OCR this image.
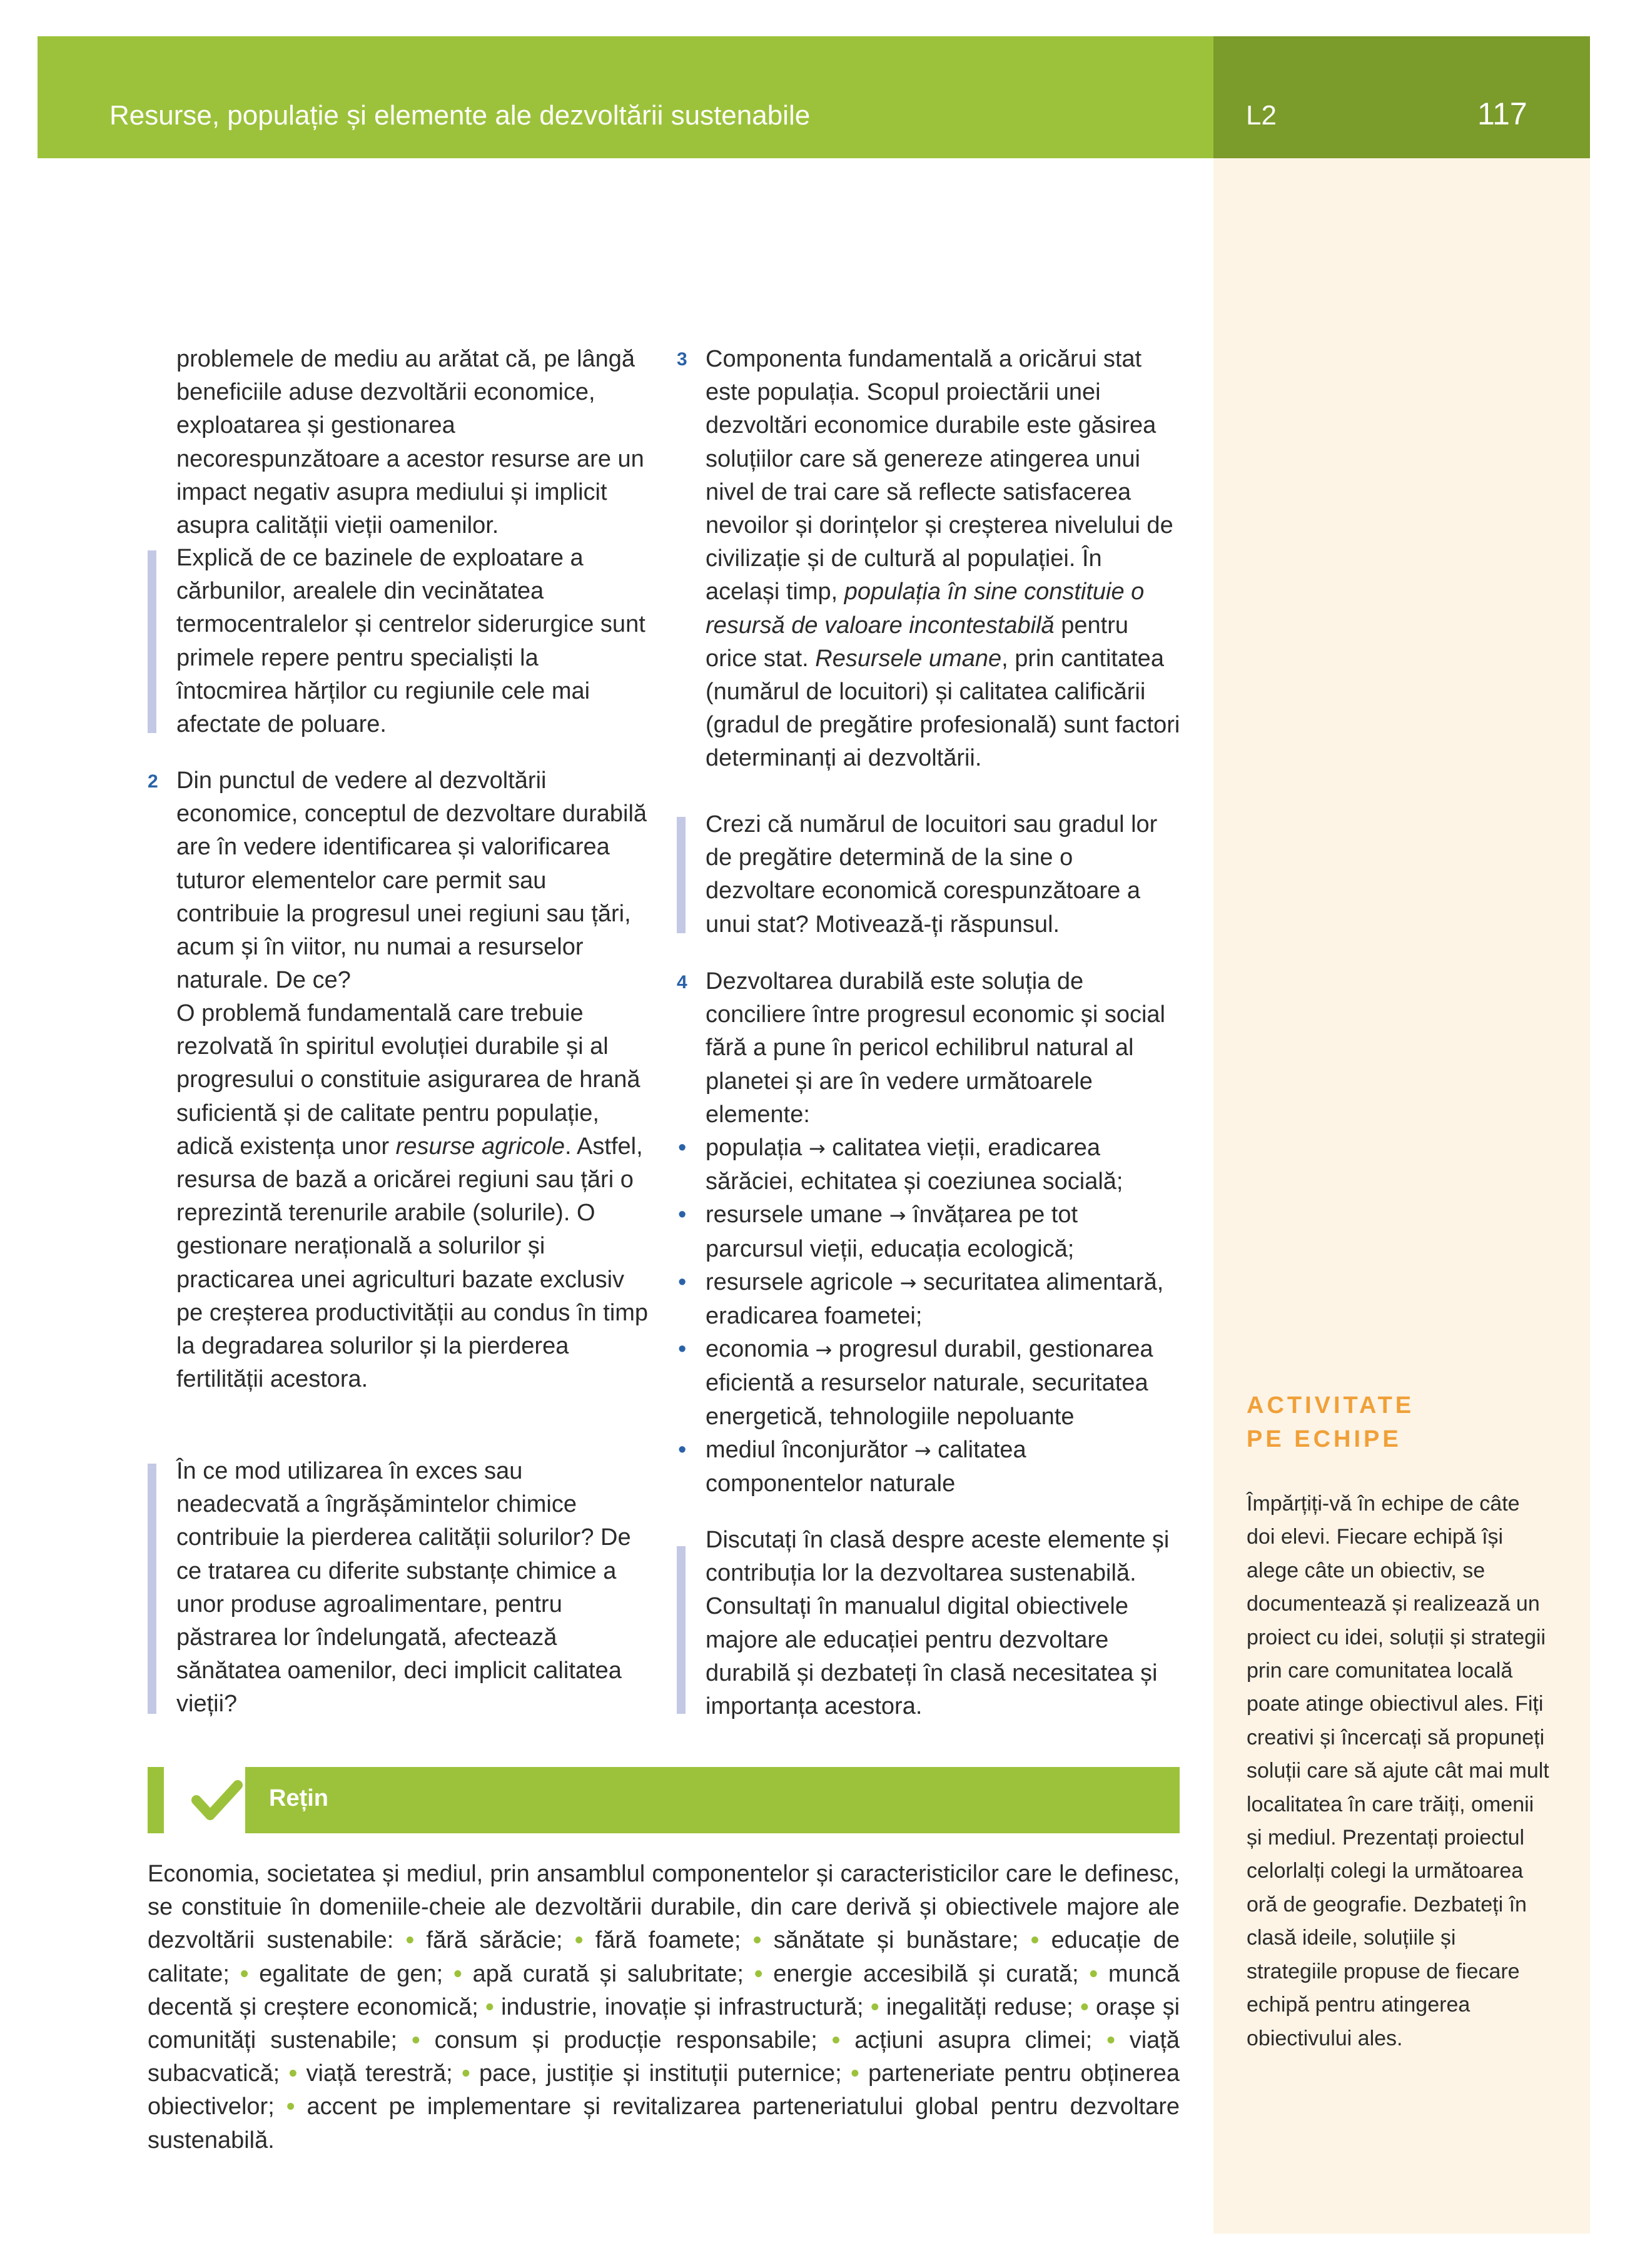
Resurse, populație și elemente ale dezvoltării sustenabile	L2	117
ACTIVITATE
PE ECHIPE
Împărțiți-vă în echipe de câte doi elevi. Fiecare echipă își alege câte un obiectiv, se documentează și realizează un proiect cu idei, soluții și strategii prin care comunitatea locală poate atinge obiectivul ales. Fiți creativi și încercați să propuneți soluții care să ajute cât mai mult localitatea în care trăiți, omenii și mediul. Prezentați proiectul celorlalți colegi la următoarea oră de geografie. Dezbateți în clasă ideile, soluțiile și strategiile propuse de fiecare echipă pentru atingerea obiectivului ales.
problemele de mediu au arătat că, pe lângă beneficiile aduse dezvoltării economice, exploatarea și gestionarea necorespunzătoare a acestor resurse are un impact negativ asupra mediului și implicit asupra calității vieții oamenilor.
Explică de ce bazinele de exploatare a cărbunilor, arealele din vecinătatea termocentralelor și centrelor siderurgice sunt primele repere pentru specialiști la întocmirea hărților cu regiunile cele mai afectate de poluare.
2 Din punctul de vedere al dezvoltării economice, conceptul de dezvoltare durabilă are în vedere identificarea și valorificarea tuturor elementelor care permit sau contribuie la progresul unei regiuni sau țări, acum și în viitor, nu numai a resurselor naturale. De ce?
O problemă fundamentală care trebuie rezolvată în spiritul evoluției durabile și al progresului o constituie asigurarea de hrană suficientă și de calitate pentru populație, adică existența unor resurse agricole. Astfel, resursa de bază a oricărei regiuni sau țări o reprezintă terenurile arabile (solurile). O gestionare nerațională a solurilor și practicarea unei agriculturi bazate exclusiv pe creșterea productivității au condus în timp la degradarea solurilor și la pierderea fertilității acestora.
În ce mod utilizarea în exces sau neadecvată a îngrășămintelor chimice contribuie la pierderea calității solurilor? De ce tratarea cu diferite substanțe chimice a unor produse agroalimentare, pentru păstrarea lor îndelungată, afectează sănătatea oamenilor, deci implicit calitatea vieții?
3 Componenta fundamentală a oricărui stat este populația. Scopul proiectării unei dezvoltări economice durabile este găsirea soluțiilor care să genereze atingerea unui nivel de trai care să reflecte satisfacerea nevoilor și dorințelor și creșterea nivelului de civilizație și de cultură al populației. În același timp, populația în sine constituie o resursă de valoare incontestabilă pentru orice stat. Resursele umane, prin cantitatea (numărul de locuitori) și calitatea calificării (gradul de pregătire profesională) sunt factori determinanți ai dezvoltării.
Crezi că numărul de locuitori sau gradul lor de pregătire determină de la sine o dezvoltare economică corespunzătoare a unui stat? Motivează-ți răspunsul.
4 Dezvoltarea durabilă este soluția de conciliere între progresul economic și social fără a pune în pericol echilibrul natural al planetei și are în vedere următoarele elemente:
• populația → calitatea vieții, eradicarea sărăciei, echitatea și coeziunea socială;
• resursele umane → învățarea pe tot parcursul vieții, educația ecologică;
• resursele agricole → securitatea alimentară, eradicarea foametei;
• economia → progresul durabil, gestionarea eficientă a resurselor naturale, securitatea energetică, tehnologiile nepoluante
• mediul înconjurător → calitatea componentelor naturale
Discutați în clasă despre aceste elemente și contribuția lor la dezvoltarea sustenabilă. Consultați în manualul digital obiectivele majore ale educației pentru dezvoltare durabilă și dezbateți în clasă necesitatea și importanța acestora.
Rețin
Economia, societatea și mediul, prin ansamblul componentelor și caracteristicilor care le definesc, se constituie în domeniile-cheie ale dezvoltării durabile, din care derivă și obiectivele majore ale dezvoltării sustenabile: • fără sărăcie; • fără foamete; • sănătate și bunăstare; • educație de calitate; • egalitate de gen; • apă curată și salubritate; • energie accesibilă și curată; • muncă decentă și creștere economică; • industrie, inovație și infrastructură; • inegalități reduse; • orașe și comunități sustenabile; • consum și producție responsabile; • acțiuni asupra climei; • viață subacvatică; • viață terestră; • pace, justiție și instituții puternice; • parteneriate pentru obținerea obiectivelor; • accent pe implementare și revitalizarea parteneriatului global pentru dezvoltare sustenabilă.
